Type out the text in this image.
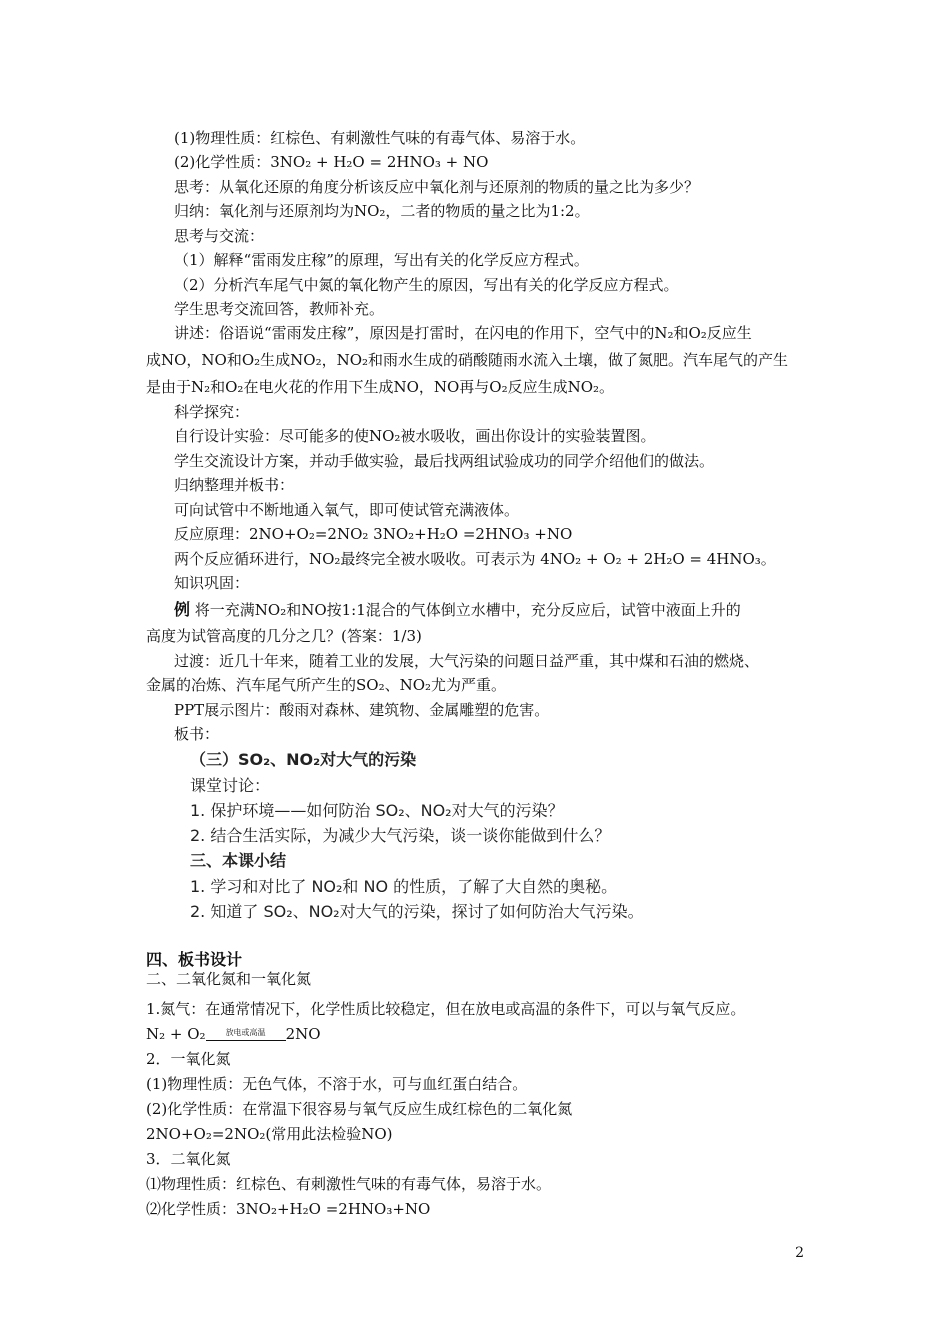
(1)物理性质：红棕色、有刺激性气味的有毒气体、易溶于水。
(2)化学性质：3NO₂ + H₂O = 2HNO₃ + NO
思考：从氧化还原的角度分析该反应中氧化剂与还原剂的物质的量之比为多少？
归纳：氧化剂与还原剂均为NO₂，二者的物质的量之比为1:2。
思考与交流：
（1）解释“雷雨发庄稼”的原理，写出有关的化学反应方程式。
（2）分析汽车尾气中氮的氧化物产生的原因，写出有关的化学反应方程式。
学生思考交流回答，教师补充。
讲述：俗语说“雷雨发庄稼”，原因是打雷时，在闪电的作用下，空气中的N₂和O₂反应生
成NO，NO和O₂生成NO₂，NO₂和雨水生成的硝酸随雨水流入土壤，做了氮肥。汽车尾气的产生
是由于N₂和O₂在电火花的作用下生成NO，NO再与O₂反应生成NO₂。
科学探究：
自行设计实验：尽可能多的使NO₂被水吸收，画出你设计的实验装置图。
学生交流设计方案，并动手做实验，最后找两组试验成功的同学介绍他们的做法。
归纳整理并板书：
可向试管中不断地通入氧气，即可使试管充满液体。
反应原理：2NO+O₂=2NO₂ 3NO₂+H₂O =2HNO₃ +NO
两个反应循环进行，NO₂最终完全被水吸收。可表示为 4NO₂ + O₂ + 2H₂O = 4HNO₃。
知识巩固：
例 将一充满NO₂和NO按1:1混合的气体倒立水槽中，充分反应后，试管中液面上升的
高度为试管高度的几分之几？(答案：1/3)
过渡：近几十年来，随着工业的发展，大气污染的问题日益严重，其中煤和石油的燃烧、
金属的冶炼、汽车尾气所产生的SO₂、NO₂尤为严重。
PPT展示图片：酸雨对森林、建筑物、金属雕塑的危害。
板书：
（三）SO₂、NO₂对大气的污染
课堂讨论：
1. 保护环境——如何防治 SO₂、NO₂对大气的污染？
2. 结合生活实际，为减少大气污染，谈一谈你能做到什么？
三、本课小结
1. 学习和对比了 NO₂和 NO 的性质，了解了大自然的奥秘。
2. 知道了 SO₂、NO₂对大气的污染，探讨了如何防治大气污染。
四、板书设计
二、二氧化氮和一氧化氮
1.氮气：在通常情况下，化学性质比较稳定，但在放电或高温的条件下，可以与氧气反应。
N₂ + O₂	放电或高温 2NO
2．一氧化氮
(1)物理性质：无色气体，不溶于水，可与血红蛋白结合。
(2)化学性质：在常温下很容易与氧气反应生成红棕色的二氧化氮
2NO+O₂=2NO₂(常用此法检验NO)
3．二氧化氮
⑴物理性质：红棕色、有刺激性气味的有毒气体，易溶于水。
⑵化学性质：3NO₂+H₂O =2HNO₃+NO
2
